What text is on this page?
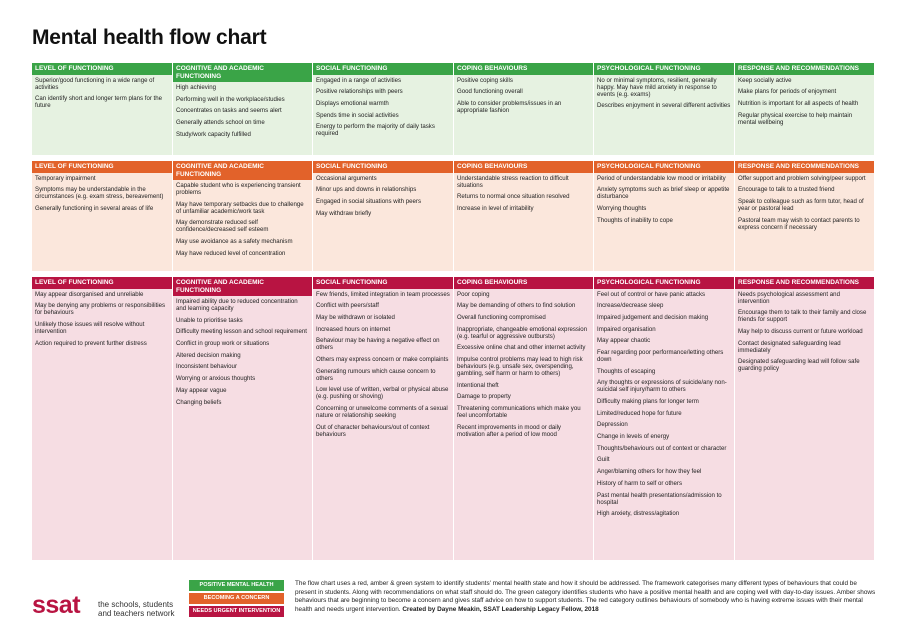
Mental health flow chart
LEVEL OF FUNCTIONING
Superior/good functioning in a wide range of activities
Can identify short and longer term plans for the future
COGNITIVE AND ACADEMIC FUNCTIONING
High achieving
Performing well in the workplace/studies
Concentrates on tasks and seems alert
Generally attends school on time
Study/work capacity fulfilled
SOCIAL FUNCTIONING
Engaged in a range of activities
Positive relationships with peers
Displays emotional warmth
Spends time in social activities
Energy to perform the majority of daily tasks required
COPING BEHAVIOURS
Positive coping skills
Good functioning overall
Able to consider problems/issues in an appropriate fashion
PSYCHOLOGICAL FUNCTIONING
No or minimal symptoms, resilient, generally happy. May have mild anxiety in response to events (e.g. exams)
Describes enjoyment in several different activities
RESPONSE AND RECOMMENDATIONS
Keep socially active
Make plans for periods of enjoyment
Nutrition is important for all aspects of health
Regular physical exercise to help maintain mental wellbeing
LEVEL OF FUNCTIONING
Temporary impairment
Symptoms may be understandable in the circumstances (e.g. exam stress, bereavement)
Generally functioning in several areas of life
COGNITIVE AND ACADEMIC FUNCTIONING
Capable student who is experiencing transient problems
May have temporary setbacks due to challenge of unfamiliar academic/work task
May demonstrate reduced self confidence/decreased self esteem
May use avoidance as a safety mechanism
May have reduced level of concentration
SOCIAL FUNCTIONING
Occasional arguments
Minor ups and downs in relationships
Engaged in social situations with peers
May withdraw briefly
COPING BEHAVIOURS
Understandable stress reaction to difficult situations
Returns to normal once situation resolved
Increase in level of irritability
PSYCHOLOGICAL FUNCTIONING
Period of understandable low mood or irritability
Anxiety symptoms such as brief sleep or appetite disturbance
Worrying thoughts
Thoughts of inability to cope
RESPONSE AND RECOMMENDATIONS
Offer support and problem solving/peer support
Encourage to talk to a trusted friend
Speak to colleague such as form tutor, head of year or pastoral lead
Pastoral team may wish to contact parents to express concern if necessary
LEVEL OF FUNCTIONING
May appear disorganised and unreliable
May be denying any problems or responsibilities for behaviours
Unlikely those issues will resolve without intervention
Action required to prevent further distress
COGNITIVE AND ACADEMIC FUNCTIONING
Impaired ability due to reduced concentration and learning capacity
Unable to prioritise tasks
Difficulty meeting lesson and school requirement
Conflict in group work or situations
Altered decision making
Inconsistent behaviour
Worrying or anxious thoughts
May appear vague
Changing beliefs
SOCIAL FUNCTIONING
Few friends, limited integration in team processes
Conflict with peers/staff
May be withdrawn or isolated
Increased hours on internet
Behaviour may be having a negative effect on others
Others may express concern or make complaints
Generating rumours which cause concern to others
Low level use of written, verbal or physical abuse (e.g. pushing or shoving)
Concerning or unwelcome comments of a sexual nature or relationship seeking
Out of character behaviours/out of context behaviours
COPING BEHAVIOURS
Poor coping
May be demanding of others to find solution
Overall functioning compromised
Inappropriate, changeable emotional expression (e.g. tearful or aggressive outbursts)
Excessive online chat and other internet activity
Impulse control problems may lead to high risk behaviours (e.g. unsafe sex, overspending, gambling, self harm or harm to others)
Intentional theft
Damage to property
Threatening communications which make you feel uncomfortable
Recent improvements in mood or daily motivation after a period of low mood
PSYCHOLOGICAL FUNCTIONING
Feel out of control or have panic attacks
Increase/decrease sleep
Impaired judgement and decision making
Impaired organisation
May appear chaotic
Fear regarding poor performance/letting others down
Thoughts of escaping
Any thoughts or expressions of suicide/any non-suicidal self injury/harm to others
Difficulty making plans for longer term
Limited/reduced hope for future
Depression
Change in levels of energy
Thoughts/behaviours out of context or character
Guilt
Anger/blaming others for how they feel
History of harm to self or others
Past mental health presentations/admission to hospital
High anxiety, distress/agitation
RESPONSE AND RECOMMENDATIONS
Needs psychological assessment and intervention
Encourage them to talk to their family and close friends for support
May help to discuss current or future workload
Contact designated safeguarding lead immediately
Designated safeguarding lead will follow safe guarding policy
POSITIVE MENTAL HEALTH
BECOMING A CONCERN
NEEDS URGENT INTERVENTION
The flow chart uses a red, amber & green system to identify students' mental health state and how it should be addressed. The framework categorises many different types of behaviours that could be present in students. Along with recommendations on what staff should do. The green category identifies students who have a positive mental health and are coping well with day-to-day issues. Amber shows behaviours that are beginning to become a concern and gives staff advice on how to support students. The red category outlines behaviours of somebody who is having extreme issues with their mental health and needs urgent intervention. Created by Dayne Meakin, SSAT Leadership Legacy Fellow, 2018
ssat the schools, students
and teachers network
